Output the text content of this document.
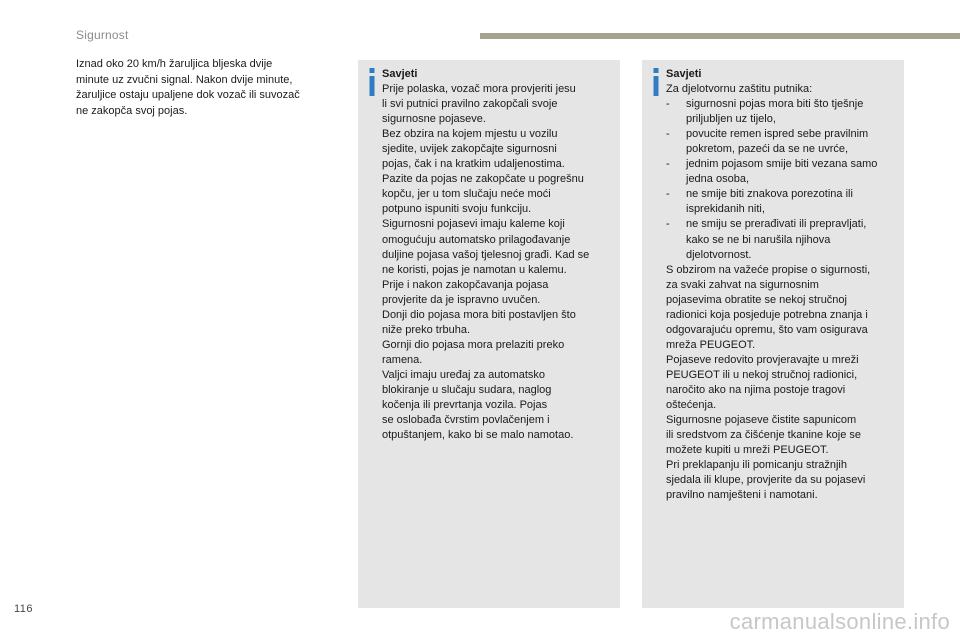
Sigurnost

Iznad oko 20 km/h žaruljica bljeska dvije

minute uz zvučni signal. Nakon dvije minute,

žaruljice ostaju upaljene dok vozač ili suvozač

ne zakopča svoj pojas.

Savjeti

Prije polaska, vozač mora provjeriti jesu

li svi putnici pravilno zakopčali svoje

sigurnosne pojaseve.

Bez obzira na kojem mjestu u vozilu

sjedite, uvijek zakopčajte sigurnosni

pojas, čak i na kratkim udaljenostima.

Pazite da pojas ne zakopčate u pogrešnu

kopču, jer u tom slučaju neće moći

potpuno ispuniti svoju funkciju.

Sigurnosni pojasevi imaju kaleme koji

omogućuju automatsko prilagođavanje

duljine pojasa vašoj tjelesnoj građi. Kad se

ne koristi, pojas je namotan u kalemu.

Prije i nakon zakopčavanja pojasa

provjerite da je ispravno uvučen.

Donji dio pojasa mora biti postavljen što

niže preko trbuha.

Gornji dio pojasa mora prelaziti preko

ramena.

Valjci imaju uređaj za automatsko

blokiranje u slučaju sudara, naglog

kočenja ili prevrtanja vozila. Pojas

se oslobađa čvrstim povlačenjem i

otpuštanjem, kako bi se malo namotao.

Savjeti

Za djelotvornu zaštitu putnika:

- sigurnosni pojas mora biti što tješnje
priljubljen uz tijelo,
- povucite remen ispred sebe pravilnim
pokretom, pazeći da se ne uvrće,
- jednim pojasom smije biti vezana samo
jedna osoba,
- ne smije biti znakova porezotina ili
isprekidanih niti,
- ne smiju se prerađivati ili prepravljati,
kako se ne bi narušila njihova
djelotvornost.

S obzirom na važeće propise o sigurnosti,

za svaki zahvat na sigurnosnim

pojasevima obratite se nekoj stručnoj

radionici koja posjeduje potrebna znanja i

odgovarajuću opremu, što vam osigurava

mreža PEUGEOT.

Pojaseve redovito provjeravajte u mreži

PEUGEOT ili u nekoj stručnoj radionici,

naročito ako na njima postoje tragovi

oštećenja.

Sigurnosne pojaseve čistite sapunicom

ili sredstvom za čišćenje tkanine koje se

možete kupiti u mreži PEUGEOT.

Pri preklapanju ili pomicanju stražnjih

sjedala ili klupe, provjerite da su pojasevi

pravilno namješteni i namotani.

116	carmanualsonline.info
